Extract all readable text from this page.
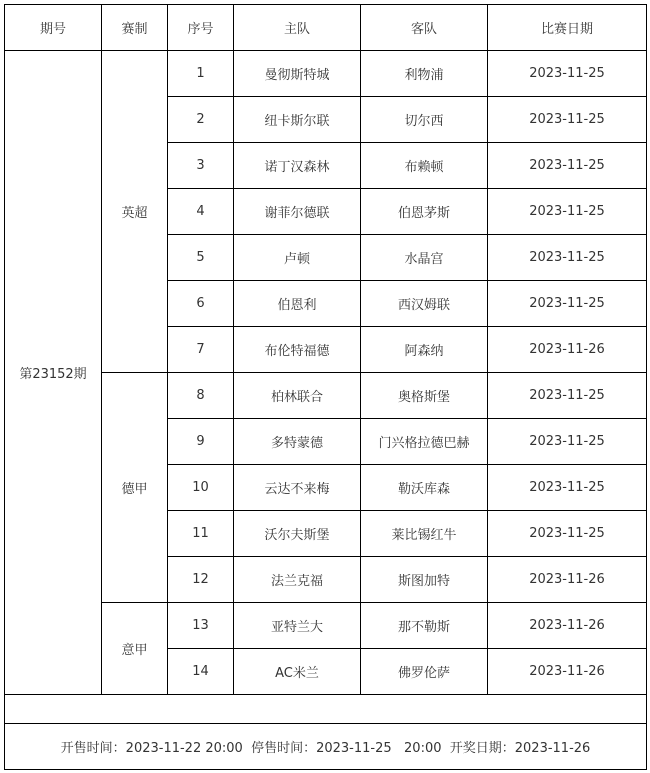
期号	赛制	序号	主队	客队	比赛日期
第23152期	英超	1	曼彻斯特城	利物浦	2023-11-25
		2	纽卡斯尔联	切尔西	2023-11-25
		3	诺丁汉森林	布赖顿	2023-11-25
		4	谢菲尔德联	伯恩茅斯	2023-11-25
		5	卢顿	水晶宫	2023-11-25
		6	伯恩利	西汉姆联	2023-11-25
		7	布伦特福德	阿森纳	2023-11-26
	德甲	8	柏林联合	奥格斯堡	2023-11-25
		9	多特蒙德	门兴格拉德巴赫	2023-11-25
		10	云达不来梅	勒沃库森	2023-11-25
		11	沃尔夫斯堡	莱比锡红牛	2023-11-25
		12	法兰克福	斯图加特	2023-11-26
	意甲	13	亚特兰大	那不勒斯	2023-11-26
		14	AC米兰	佛罗伦萨	2023-11-26

开售时间：2023-11-22 20:00  停售时间：2023-11-25   20:00  开奖日期：2023-11-26					
